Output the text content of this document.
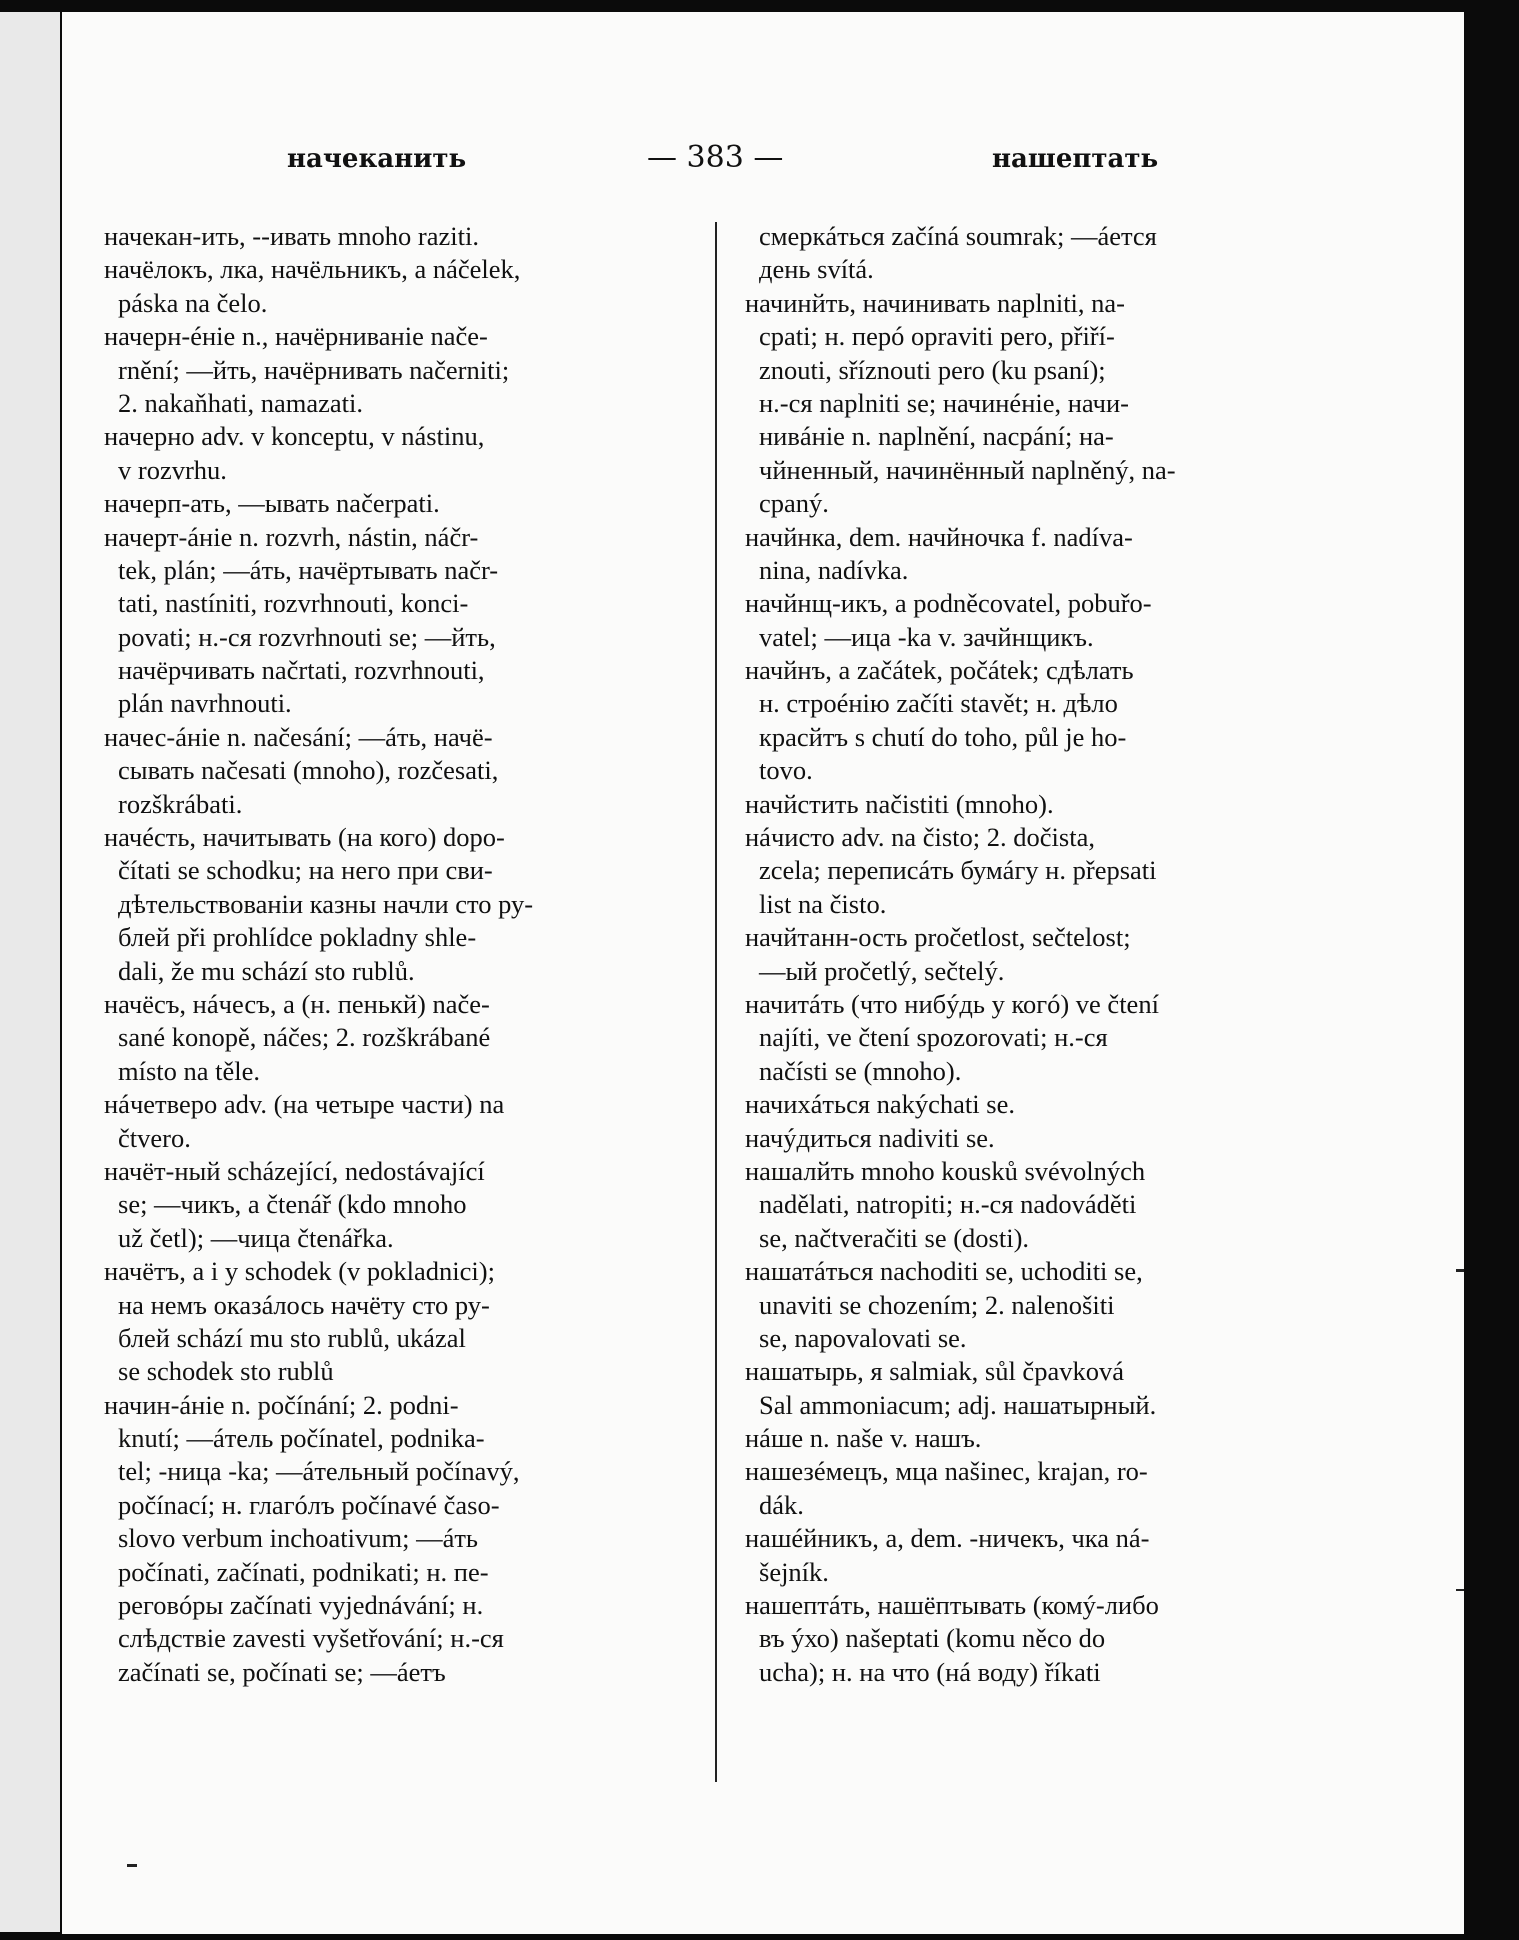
начеканить	— 383 —	нашептать
начекан-ить, --ивать mnoho raziti.
начёлокъ, лка, начёльникъ, a náčelek,
páska na čelo.
начерн-éніе n., начёрниваніе nače-
rnění; —йть, начёрнивать načerniti;
2. nakaňhati, namazati.
начерно adv. v konceptu, v nástinu,
v rozvrhu.
начерп-ать, —ывать načerpati.
начерт-áніе n. rozvrh, nástin, náčr-
tek, plán; —áть, начёртывать načr-
tati, nastíniti, rozvrhnouti, konci-
povati; н.-ся rozvrhnouti se; —йть,
начёрчивать načrtati, rozvrhnouti,
plán navrhnouti.
начес-áніе n. načesání; —áть, начё-
сывать načesati (mnoho), rozčesati,
rozškrábati.
начéсть, начитывать (на кого) dopo-
čítati se schodku; на него при сви-
дѣтельствованіи казны начли сто ру-
блей při prohlídce pokladny shle-
dali, že mu schází sto rublů.
начёсъ, нáчесъ, a (н. пенькй) nače-
sané konopě, náčes; 2. rozškrábané
místo na těle.
нáчетверо adv. (на четыре части) na
čtvero.
начёт-ный scházející, nedostávající
se; —чикъ, a čtenář (kdo mnoho
už četl); —чица čtenářka.
начётъ, a i y schodek (v pokladnici);
на немъ оказáлось начёту сто ру-
блей schází mu sto rublů, ukázal
se schodek sto rublů
начин-áніе n. počínání; 2. podni-
knutí; —áтель počínatel, podnika-
tel; -ница -ka; —áтельный počínavý,
počínací; н. глагóлъ počínavé časo-
slovo verbum inchoativum; —áть
počínati, začínati, podnikati; н. пе-
реговóры začínati vyjednávání; н.
слѣдствіе zavesti vyšetřování; н.-ся
začínati se, počínati se; —áетъ
смеркáться začíná soumrak; —áется
день svítá.
начинйть, начинивать naplniti, na-
cpati; н. перó opraviti pero, přiří-
znouti, sříznouti pero (ku psaní);
н.-ся naplniti se; начинéніе, начи-
нивáніе n. naplnění, nacpání; на-
чйненный, начинённый naplněný, na-
cpaný.
начйнка, dem. начйночка f. nadíva-
nina, nadívka.
начйнщ-икъ, a podněcovatel, pobuřo-
vatel; —ица -ka v. зачйнщикъ.
начйнъ, a začátek, počátek; сдѣлать
н. строéнію začíti stavět; н. дѣло
красйтъ s chutí do toho, půl je ho-
tovo.
начйстить načistiti (mnoho).
нáчисто adv. na čisto; 2. dočista,
zcela; переписáть бумáгу н. přepsati
list na čisto.
начйтанн-ость pročetlost, sečtelost;
—ый pročetlý, sečtelý.
начитáть (что нибýдь у когó) ve čtení
najíti, ve čtení spozorovati; н.-ся
načísti se (mnoho).
начихáться nakýchati se.
начýдиться nadiviti se.
нашалйть mnoho kousků svévolných
nadělati, natropiti; н.-ся nadováděti
se, načtveračiti se (dosti).
нашатáться nachoditi se, uchoditi se,
unaviti se chozením; 2. nalenošiti
se, napovalovati se.
нашатырь, я salmiak, sůl čpavková
Sal ammoniacum; adj. нашатырный.
нáше n. naše v. нашъ.
нашезéмецъ, мца našinec, krajan, ro-
dák.
нашéйникъ, a, dem. -ничекъ, чка ná-
šejník.
нашептáть, нашёптывать (комý-либо
въ ýхо) našeptati (komu něco do
ucha); н. на что (нá воду) říkati
